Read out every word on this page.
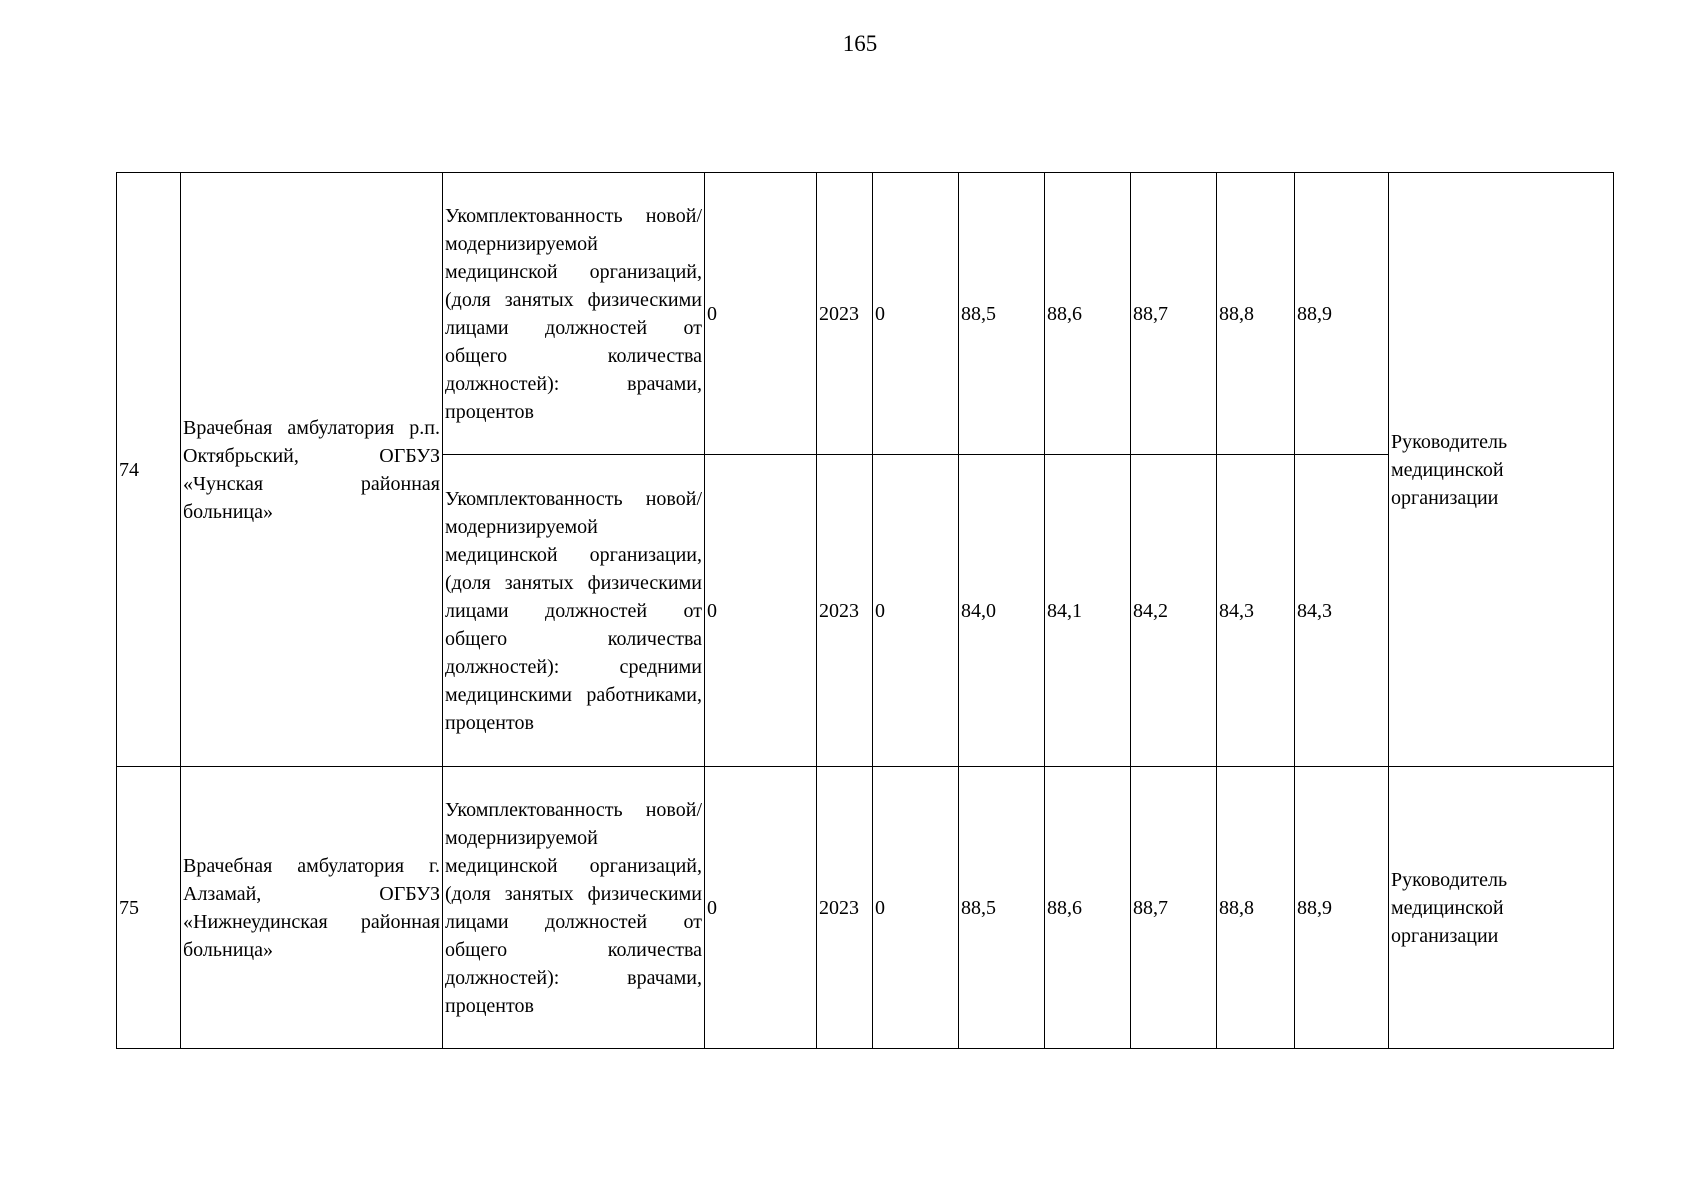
165
74	Врачебная амбулатория р.п. Октябрьский, ОГБУЗ «Чунская районная больница»	Укомплектованность новой/модернизируемой медицинской организаций, (доля занятых физическими лицами должностей от общего количества должностей): врачами, процентов	0	2023	0	88,5	88,6	88,7	88,8	88,9	Руководитель медицинской организации
		Укомплектованность новой/модернизируемой медицинской организации, (доля занятых физическими лицами должностей от общего количества должностей): средними медицинскими работниками, процентов	0	2023	0	84,0	84,1	84,2	84,3	84,3	
75	Врачебная амбулатория г. Алзамай, ОГБУЗ «Нижнеудинская районная больница»	Укомплектованность новой/модернизируемой медицинской организаций, (доля занятых физическими лицами должностей от общего количества должностей): врачами, процентов	0	2023	0	88,5	88,6	88,7	88,8	88,9	Руководитель медицинской организации
